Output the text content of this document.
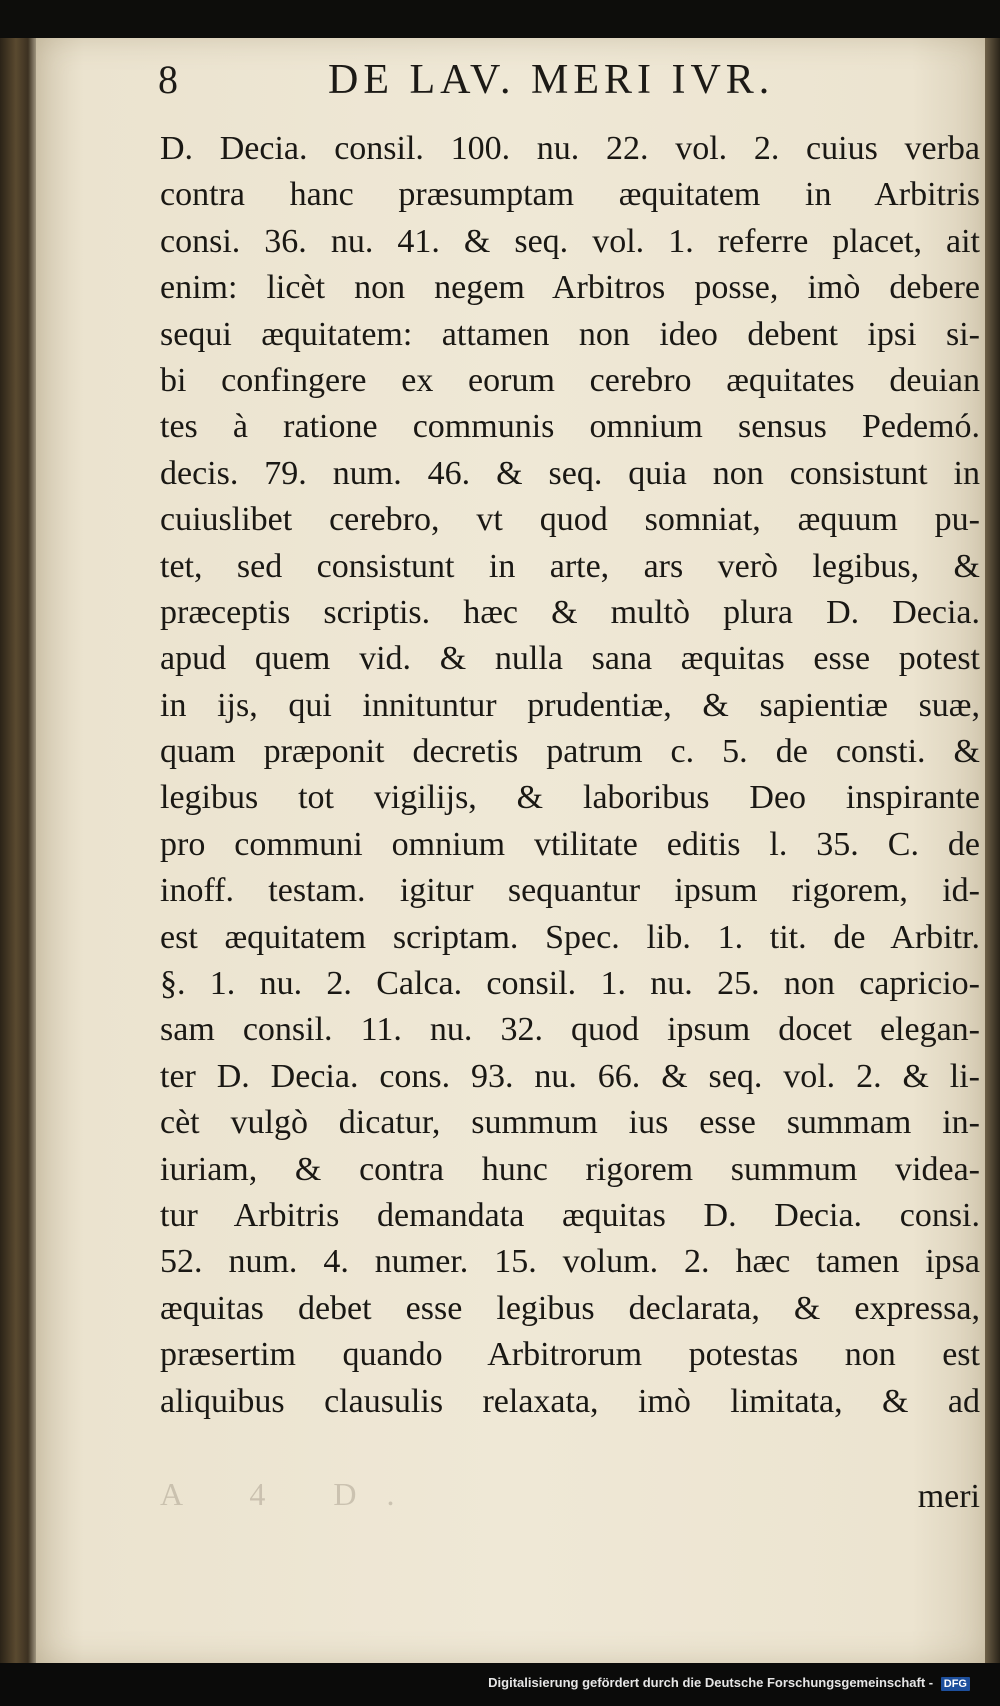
8	DE LAV. MERI IVR.
D. Decia. consil. 100. nu. 22. vol. 2. cuius verba
contra hanc præsumptam æquitatem in Arbitris
consi. 36. nu. 41. & seq. vol. 1. referre placet, ait
enim: licèt non negem Arbitros posse, imò debere
sequi æquitatem: attamen non ideo debent ipsi si-
bi confingere ex eorum cerebro æquitates deuian
tes à ratione communis omnium sensus Pedemó.
decis. 79. num. 46. & seq. quia non consistunt in
cuiuslibet cerebro, vt quod somniat, æquum pu-
tet, sed consistunt in arte, ars verò legibus, &
præceptis scriptis. hæc & multò plura D. Decia.
apud quem vid. & nulla sana æquitas esse potest
in ijs, qui innituntur prudentiæ, & sapientiæ suæ,
quam præponit decretis patrum c. 5. de consti. &
legibus tot vigilijs, & laboribus Deo inspirante
pro communi omnium vtilitate editis l. 35. C. de
inoff. testam. igitur sequantur ipsum rigorem, id-
est æquitatem scriptam. Spec. lib. 1. tit. de Arbitr.
§. 1. nu. 2. Calca. consil. 1. nu. 25. non capricio-
sam consil. 11. nu. 32. quod ipsum docet elegan-
ter D. Decia. cons. 93. nu. 66. & seq. vol. 2. & li-
cèt vulgò dicatur, summum ius esse summam in-
iuriam, & contra hunc rigorem summum videa-
tur Arbitris demandata æquitas D. Decia. consi.
52. num. 4. numer. 15. volum. 2. hæc tamen ipsa
æquitas debet esse legibus declarata, & expressa,
præsertim quando Arbitrorum potestas non est
aliquibus clausulis relaxata, imò limitata, & ad
A 4 D.	meri
Digitalisierung gefördert durch die Deutsche Forschungsgemeinschaft - DFG
